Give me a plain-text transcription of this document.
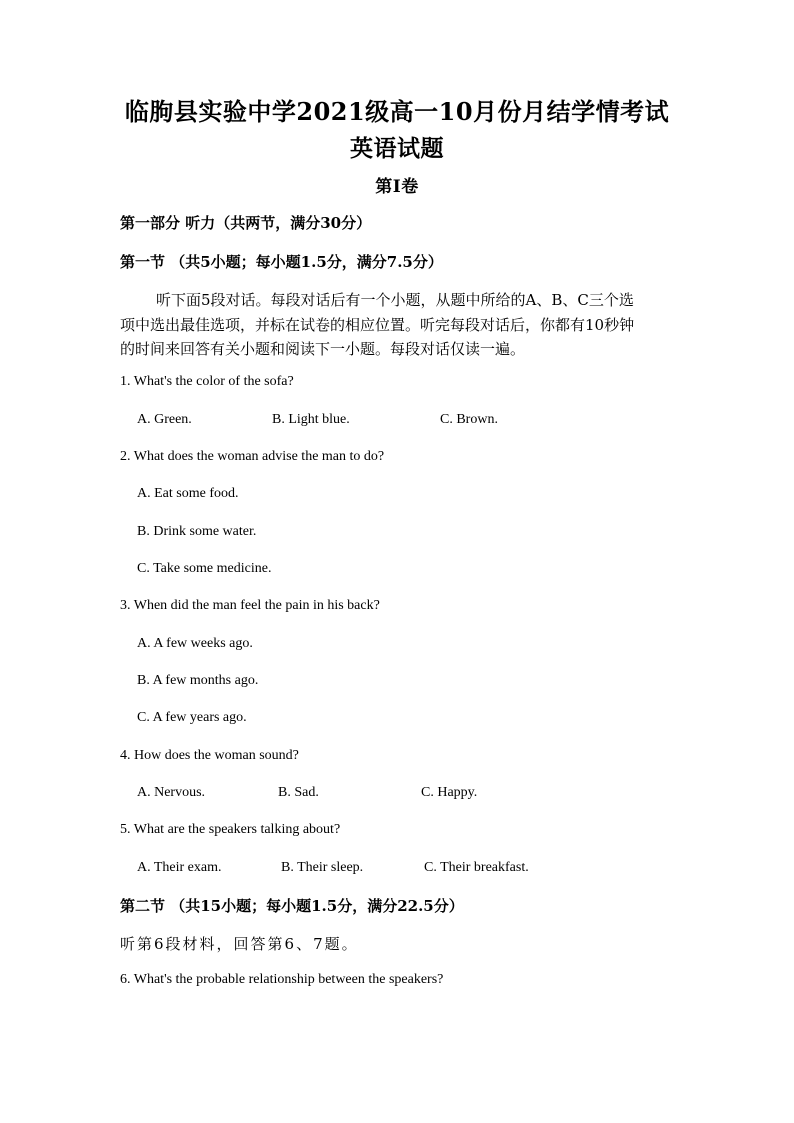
临朐县实验中学2021级高一10月份月结学情考试
英语试题
第I卷
第一部分 听力（共两节，满分30分）
第一节 （共5小题；每小题1.5分，满分7.5分）
听下面5段对话。每段对话后有一个小题，从题中所给的A、B、C三个选
项中选出最佳选项，并标在试卷的相应位置。听完每段对话后，你都有10秒钟
的时间来回答有关小题和阅读下一小题。每段对话仅读一遍。
1. What's the color of the sofa?
A. Green.	B. Light blue.	C. Brown.
2. What does the woman advise the man to do?
A. Eat some food.
B. Drink some water.
C. Take some medicine.
3. When did the man feel the pain in his back?
A. A few weeks ago.
B. A few months ago.
C. A few years ago.
4. How does the woman sound?
A. Nervous.	B. Sad.	C. Happy.
5. What are the speakers talking about?
A. Their exam.	B. Their sleep.	C. Their breakfast.
第二节 （共15小题；每小题1.5分，满分22.5分）
听第6段材料，回答第6、7题。
6. What's the probable relationship between the speakers?
